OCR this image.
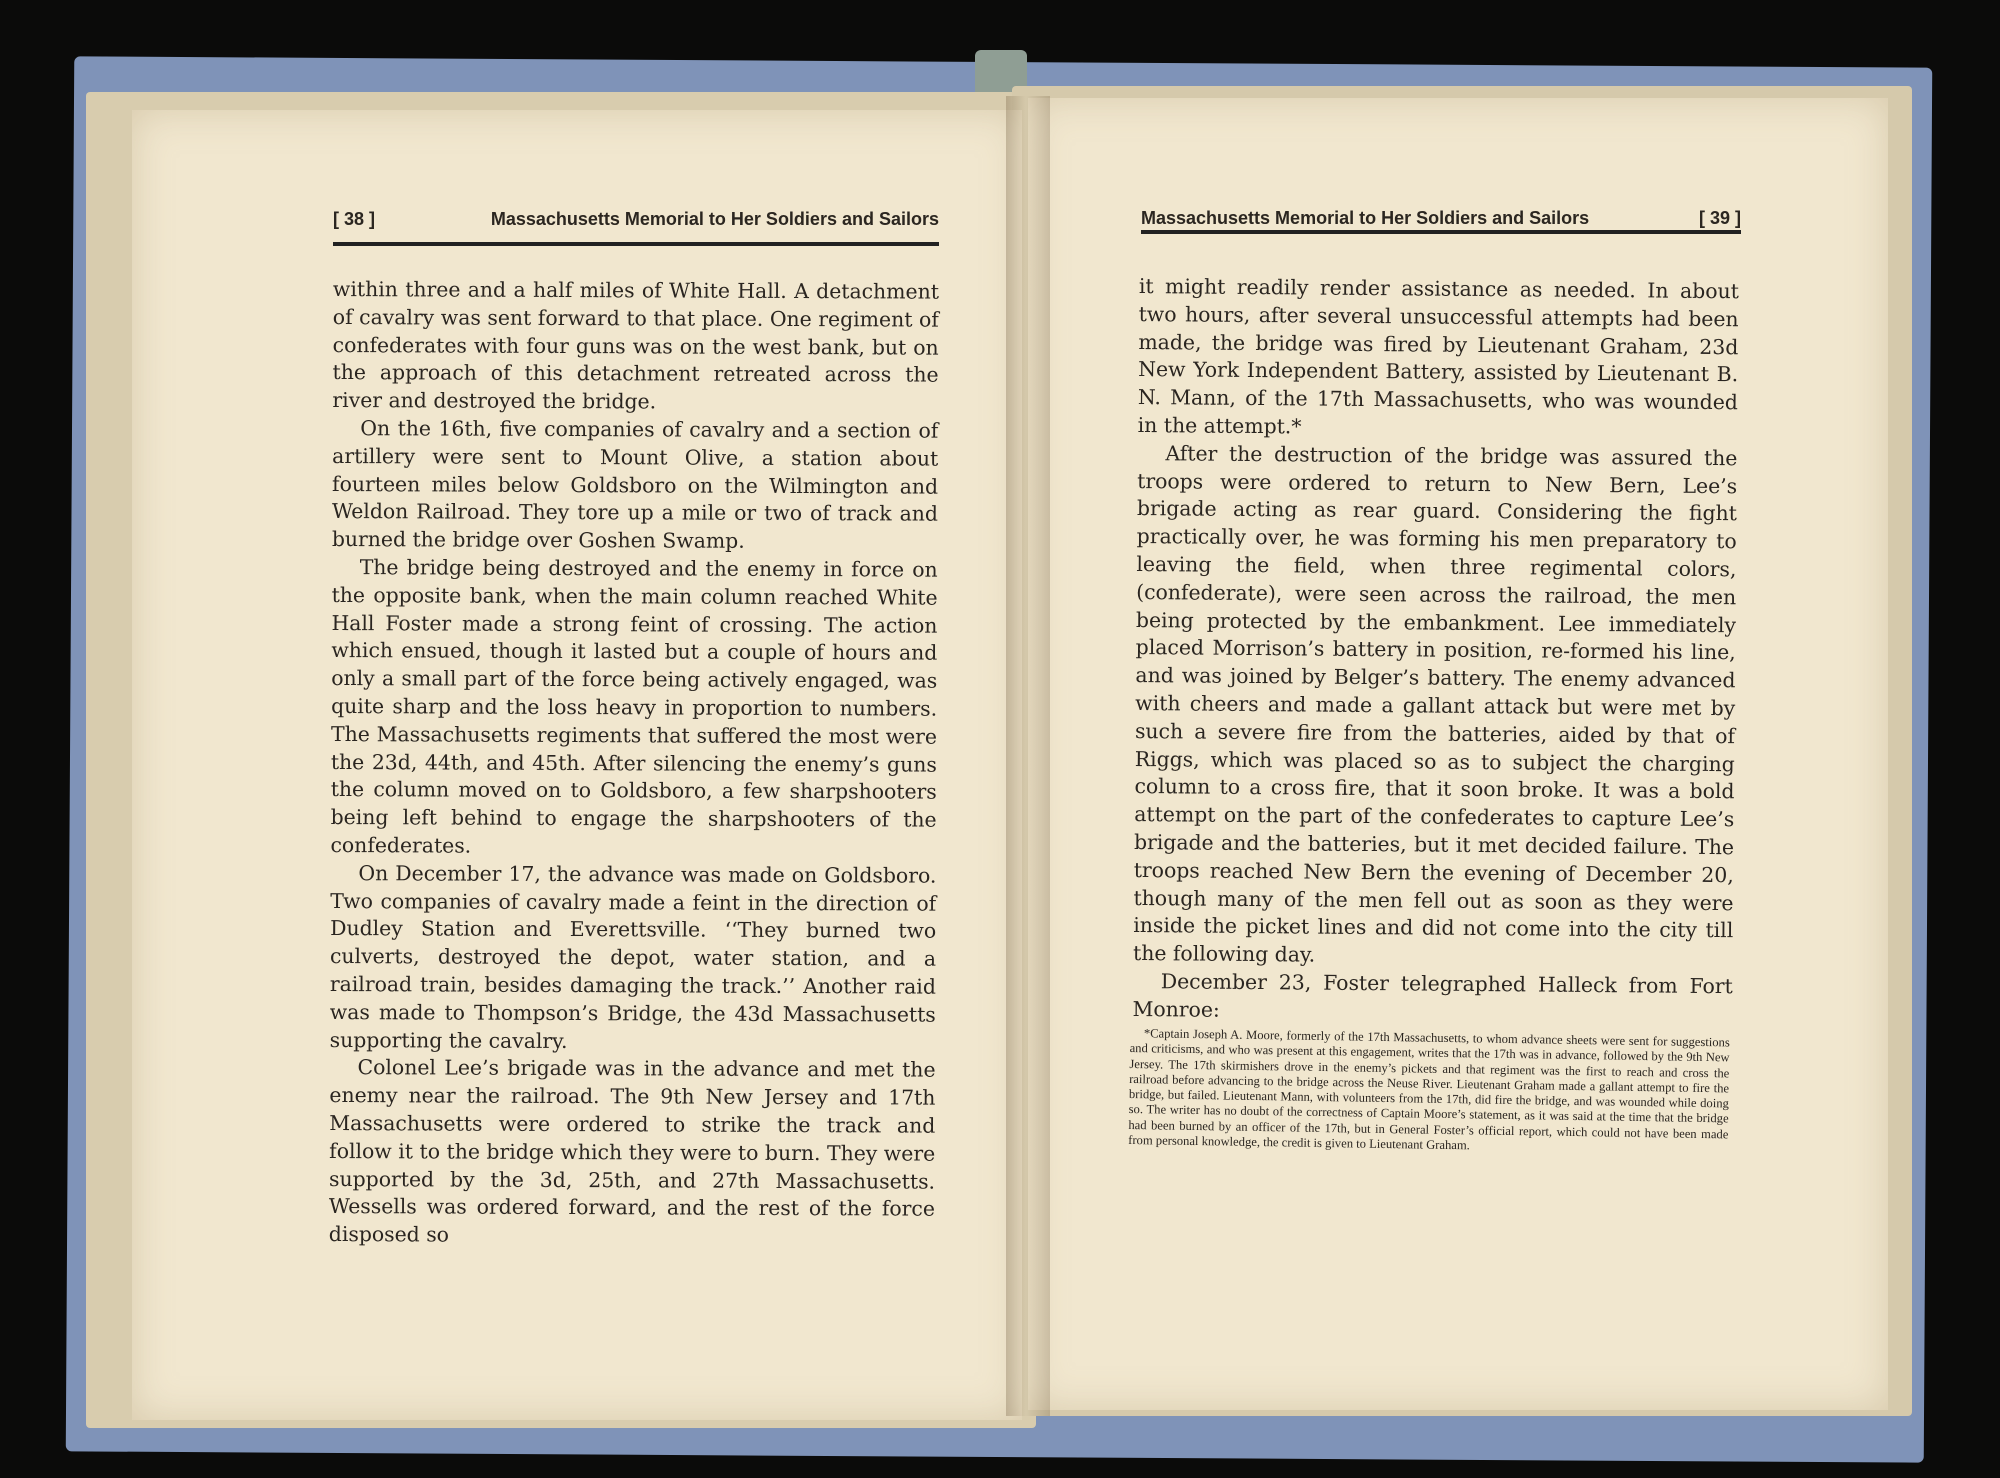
[ 38 ]	Massachusetts Memorial to Her Soldiers and Sailors	Massachusetts Memorial to Her Soldiers and Sailors	[ 39 ]

within three and a half miles of White Hall. A detachment of cavalry was sent forward to that place. One regiment of confederates with four guns was on the west bank, but on the approach of this detachment retreated across the river and destroyed the bridge.

On the 16th, five companies of cavalry and a section of artillery were sent to Mount Olive, a station about fourteen miles below Goldsboro on the Wilmington and Weldon Railroad. They tore up a mile or two of track and burned the bridge over Goshen Swamp.

The bridge being destroyed and the enemy in force on the opposite bank, when the main column reached White Hall Foster made a strong feint of crossing. The action which ensued, though it lasted but a couple of hours and only a small part of the force being actively engaged, was quite sharp and the loss heavy in proportion to numbers. The Massachusetts regiments that suffered the most were the 23d, 44th, and 45th. After silencing the enemy’s guns the column moved on to Goldsboro, a few sharpshooters being left behind to engage the sharpshooters of the confederates.

On December 17, the advance was made on Goldsboro. Two companies of cavalry made a feint in the direction of Dudley Station and Everettsville. ‘‘They burned two culverts, destroyed the depot, water station, and a railroad train, besides damaging the track.’’ Another raid was made to Thompson’s Bridge, the 43d Massachusetts supporting the cavalry.

Colonel Lee’s brigade was in the advance and met the enemy near the railroad. The 9th New Jersey and 17th Massachusetts were ordered to strike the track and follow it to the bridge which they were to burn. They were supported by the 3d, 25th, and 27th Massachusetts. Wessells was ordered forward, and the rest of the force disposed so

it might readily render assistance as needed. In about two hours, after several unsuccessful attempts had been made, the bridge was fired by Lieutenant Graham, 23d New York Independent Battery, assisted by Lieutenant B. N. Mann, of the 17th Massachusetts, who was wounded in the attempt.*

After the destruction of the bridge was assured the troops were ordered to return to New Bern, Lee’s brigade acting as rear guard. Considering the fight practically over, he was forming his men preparatory to leaving the field, when three regimental colors, (confederate), were seen across the railroad, the men being protected by the embankment. Lee immediately placed Morrison’s battery in position, re-formed his line, and was joined by Belger’s battery. The enemy advanced with cheers and made a gallant attack but were met by such a severe fire from the batteries, aided by that of Riggs, which was placed so as to subject the charging column to a cross fire, that it soon broke. It was a bold attempt on the part of the confederates to capture Lee’s brigade and the batteries, but it met decided failure. The troops reached New Bern the evening of December 20, though many of the men fell out as soon as they were inside the picket lines and did not come into the city till the following day.

December 23, Foster telegraphed Halleck from Fort Monroe:

*Captain Joseph A. Moore, formerly of the 17th Massachusetts, to whom advance sheets were sent for suggestions and criticisms, and who was present at this engagement, writes that the 17th was in advance, followed by the 9th New Jersey. The 17th skirmishers drove in the enemy’s pickets and that regiment was the first to reach and cross the railroad before advancing to the bridge across the Neuse River. Lieutenant Graham made a gallant attempt to fire the bridge, but failed. Lieutenant Mann, with volunteers from the 17th, did fire the bridge, and was wounded while doing so. The writer has no doubt of the correctness of Captain Moore’s statement, as it was said at the time that the bridge had been burned by an officer of the 17th, but in General Foster’s official report, which could not have been made from personal knowledge, the credit is given to Lieutenant Graham.
